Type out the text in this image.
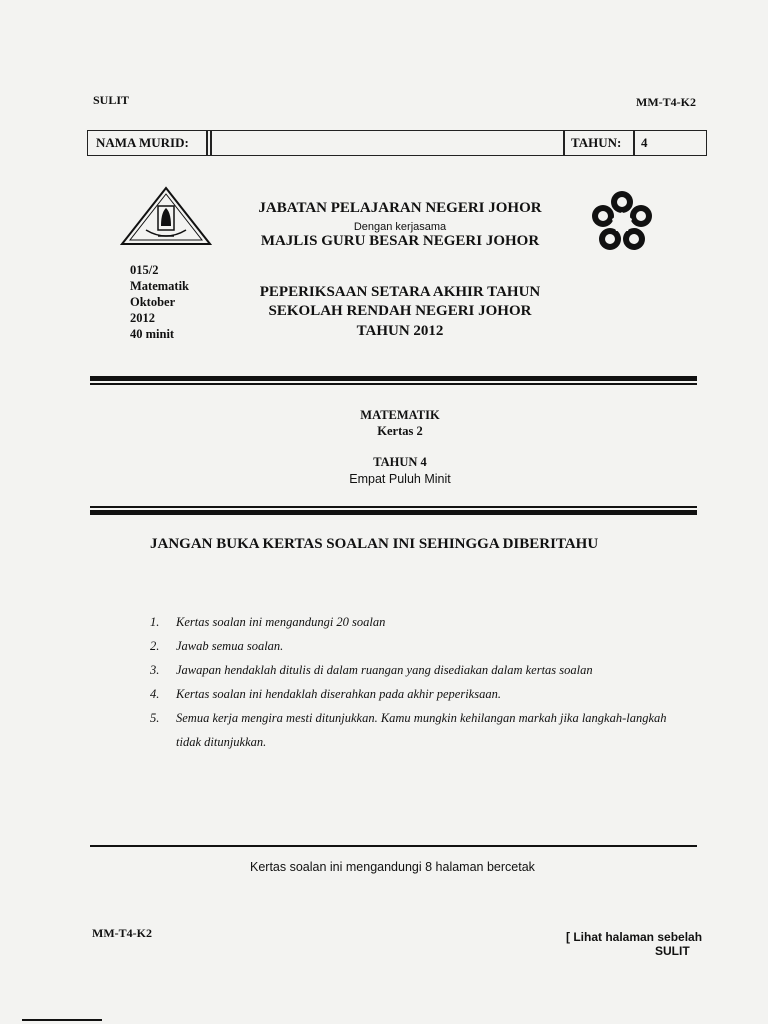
SULIT	MM-T4-K2
NAMA MURID:	TAHUN:	4
JABATAN PELAJARAN NEGERI JOHOR
Dengan kerjasama
MAJLIS GURU BESAR NEGERI JOHOR
015/2
Matematik
Oktober
2012
40 minit
PEPERIKSAAN SETARA AKHIR TAHUN
SEKOLAH RENDAH NEGERI JOHOR
TAHUN 2012
MATEMATIK
Kertas 2
TAHUN 4
Empat Puluh Minit
JANGAN BUKA KERTAS SOALAN INI SEHINGGA DIBERITAHU
1. Kertas soalan ini mengandungi 20 soalan
2. Jawab semua soalan.
3. Jawapan hendaklah ditulis di dalam ruangan yang disediakan dalam kertas soalan
4. Kertas soalan ini hendaklah diserahkan pada akhir peperiksaan.
5. Semua kerja mengira mesti ditunjukkan. Kamu mungkin kehilangan markah jika langkah-langkah tidak ditunjukkan.
Kertas soalan ini mengandungi 8 halaman bercetak
MM-T4-K2	[ Lihat halaman sebelah
SULIT
